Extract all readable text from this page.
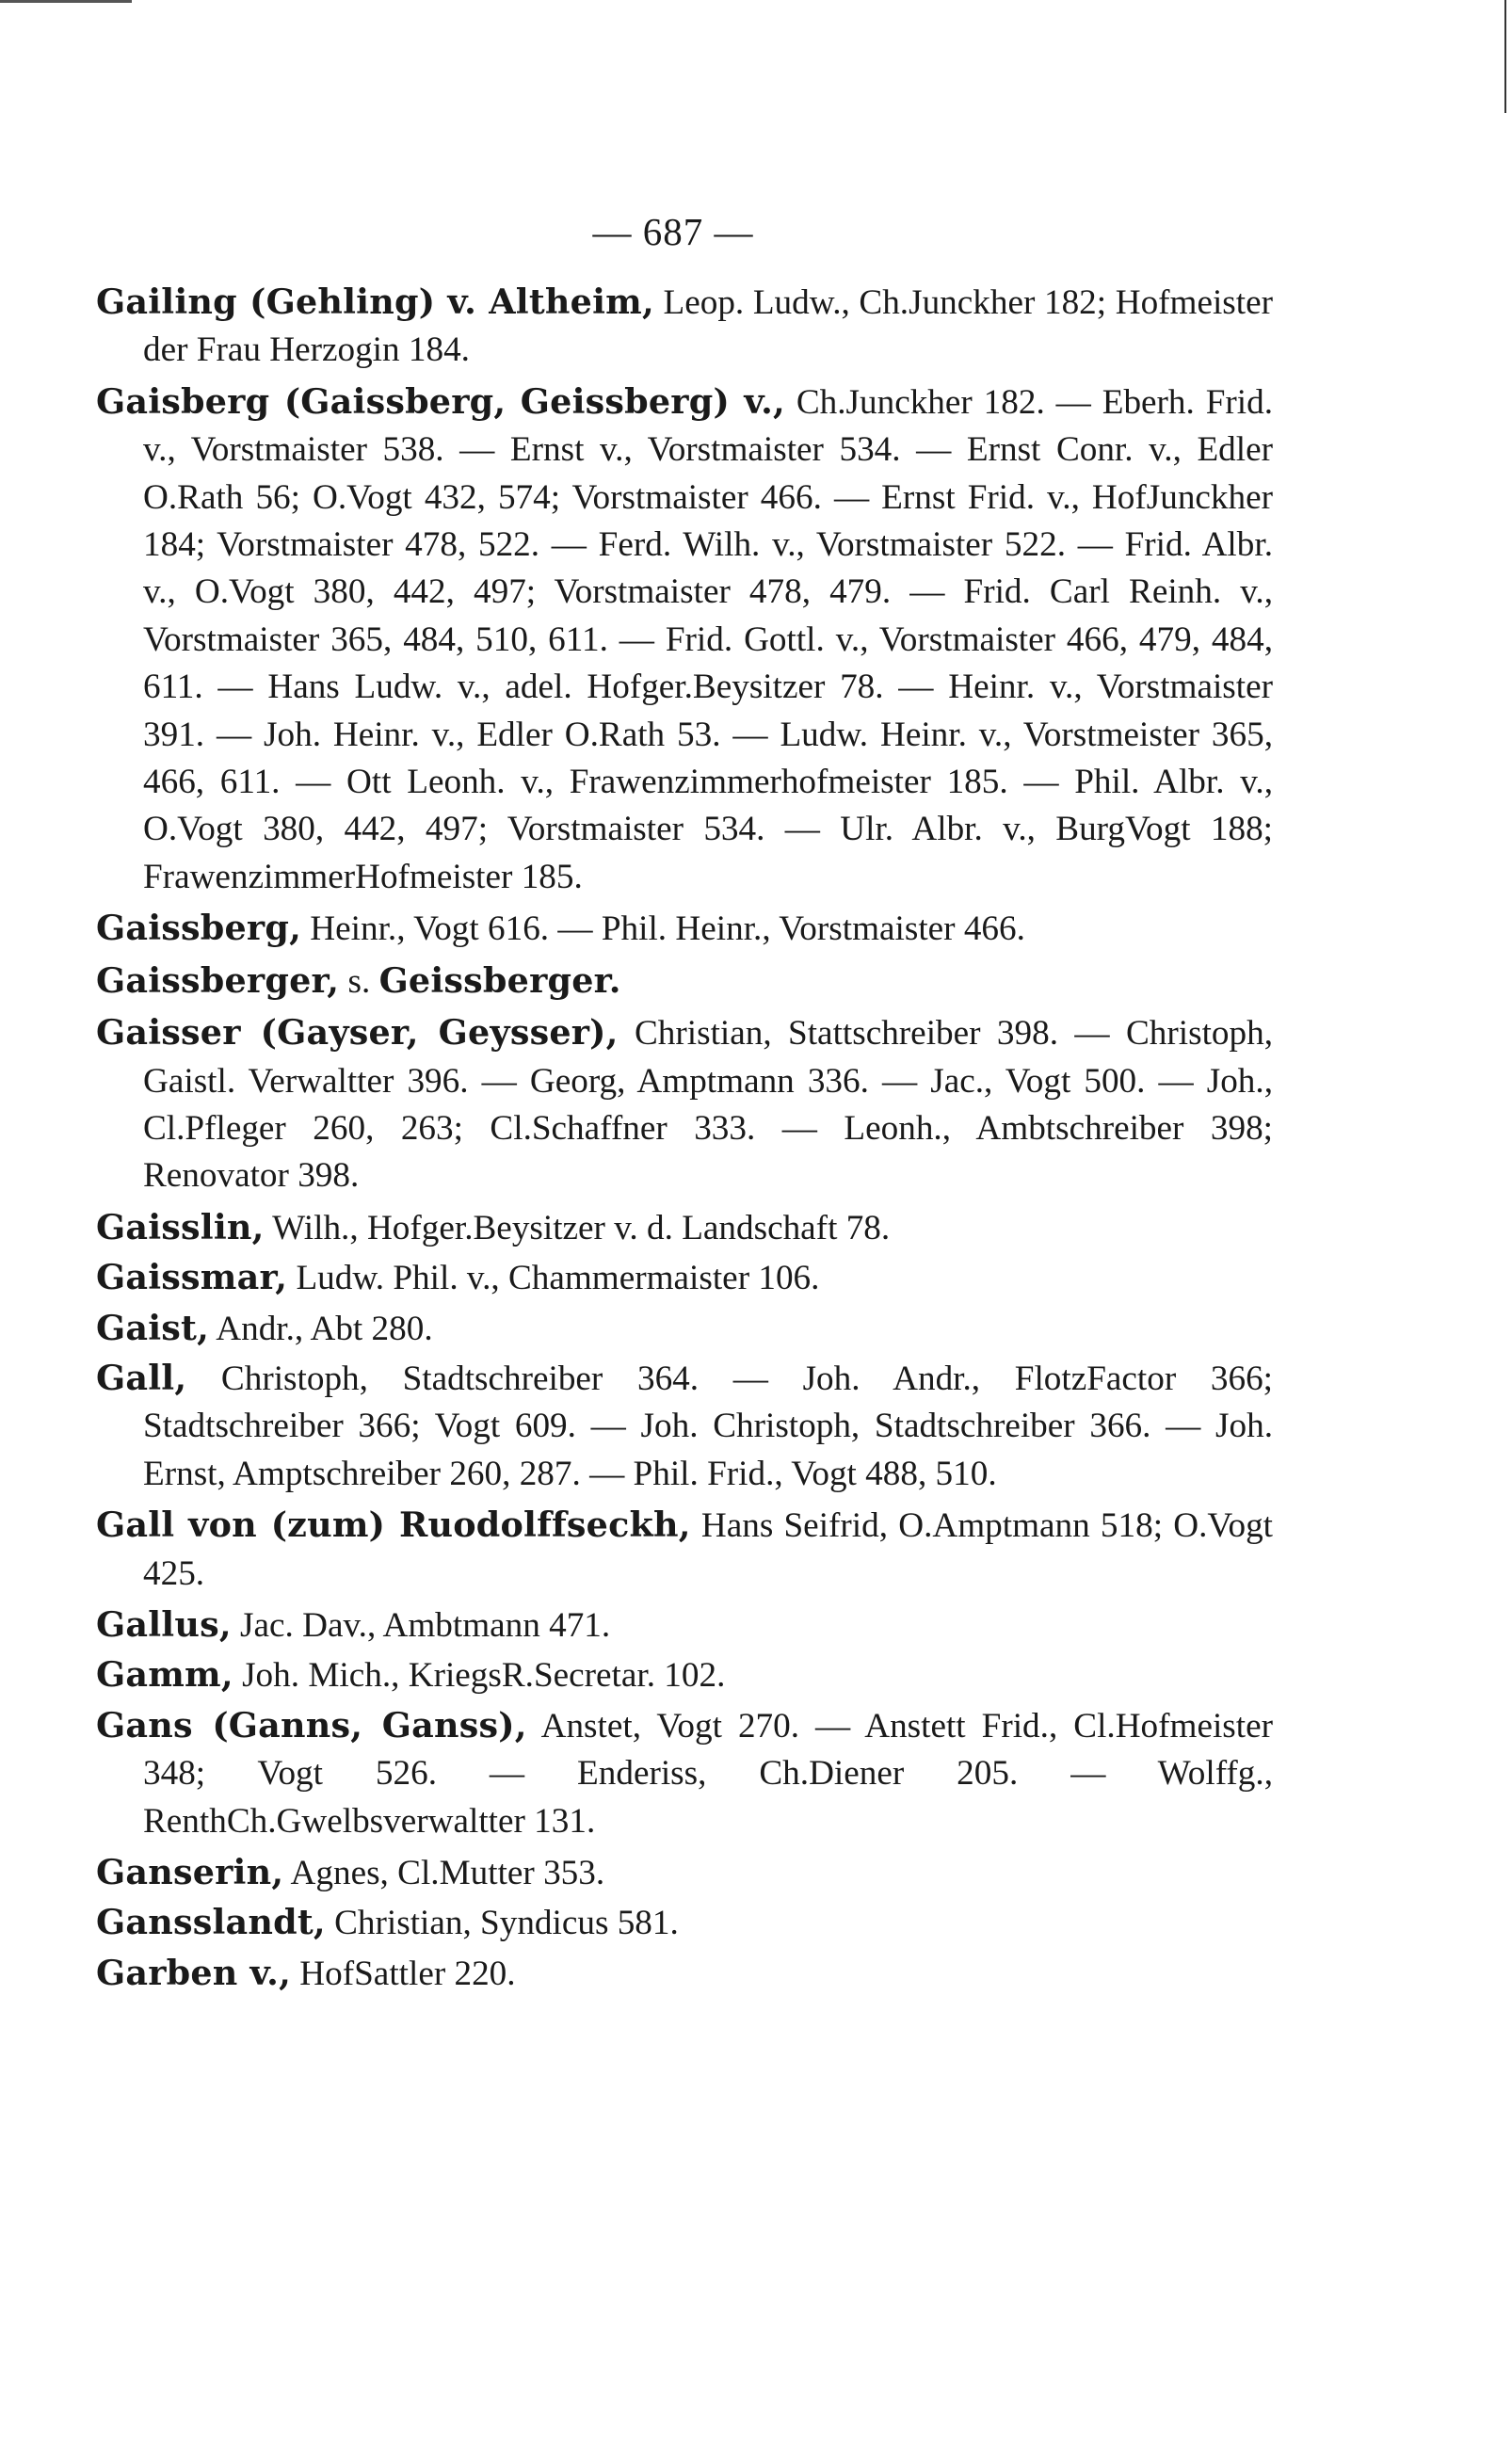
— 687 —

Gailing (Gehling) v. Altheim, Leop. Ludw., Ch.Junckher 182; Hofmeister der Frau Herzogin 184.

Gaisberg (Gaissberg, Geissberg) v., Ch.Junckher 182. — Eberh. Frid. v., Vorstmaister 538. — Ernst v., Vorstmaister 534. — Ernst Conr. v., Edler O.Rath 56; O.Vogt 432, 574; Vorstmaister 466. — Ernst Frid. v., HofJunckher 184; Vorstmaister 478, 522. — Ferd. Wilh. v., Vorstmaister 522. — Frid. Albr. v., O.Vogt 380, 442, 497; Vorstmaister 478, 479. — Frid. Carl Reinh. v., Vorstmaister 365, 484, 510, 611. — Frid. Gottl. v., Vorstmaister 466, 479, 484, 611. — Hans Ludw. v., adel. Hofger.Beysitzer 78. — Heinr. v., Vorstmaister 391. — Joh. Heinr. v., Edler O.Rath 53. — Ludw. Heinr. v., Vorstmeister 365, 466, 611. — Ott Leonh. v., Frawenzimmerhofmeister 185. — Phil. Albr. v., O.Vogt 380, 442, 497; Vorstmaister 534. — Ulr. Albr. v., BurgVogt 188; FrawenzimmerHofmeister 185.

Gaissberg, Heinr., Vogt 616. — Phil. Heinr., Vorstmaister 466.

Gaissberger, s. Geissberger.

Gaisser (Gayser, Geysser), Christian, Stattschreiber 398. — Christoph, Gaistl. Verwaltter 396. — Georg, Amptmann 336. — Jac., Vogt 500. — Joh., Cl.Pfleger 260, 263; Cl.Schaffner 333. — Leonh., Ambtschreiber 398; Renovator 398.

Gaisslin, Wilh., Hofger.Beysitzer v. d. Landschaft 78.

Gaissmar, Ludw. Phil. v., Chammermaister 106.

Gaist, Andr., Abt 280.

Gall, Christoph, Stadtschreiber 364. — Joh. Andr., FlotzFactor 366; Stadtschreiber 366; Vogt 609. — Joh. Christoph, Stadtschreiber 366. — Joh. Ernst, Amptschreiber 260, 287. — Phil. Frid., Vogt 488, 510.

Gall von (zum) Ruodolffseckh, Hans Seifrid, O.Amptmann 518; O.Vogt 425.

Gallus, Jac. Dav., Ambtmann 471.

Gamm, Joh. Mich., KriegsR.Secretar. 102.

Gans (Ganns, Ganss), Anstet, Vogt 270. — Anstett Frid., Cl.Hofmeister 348; Vogt 526. — Enderiss, Ch.Diener 205. — Wolffg., RenthCh.Gwelbsverwaltter 131.

Ganserin, Agnes, Cl.Mutter 353.

Gansslandt, Christian, Syndicus 581.

Garben v., HofSattler 220.
